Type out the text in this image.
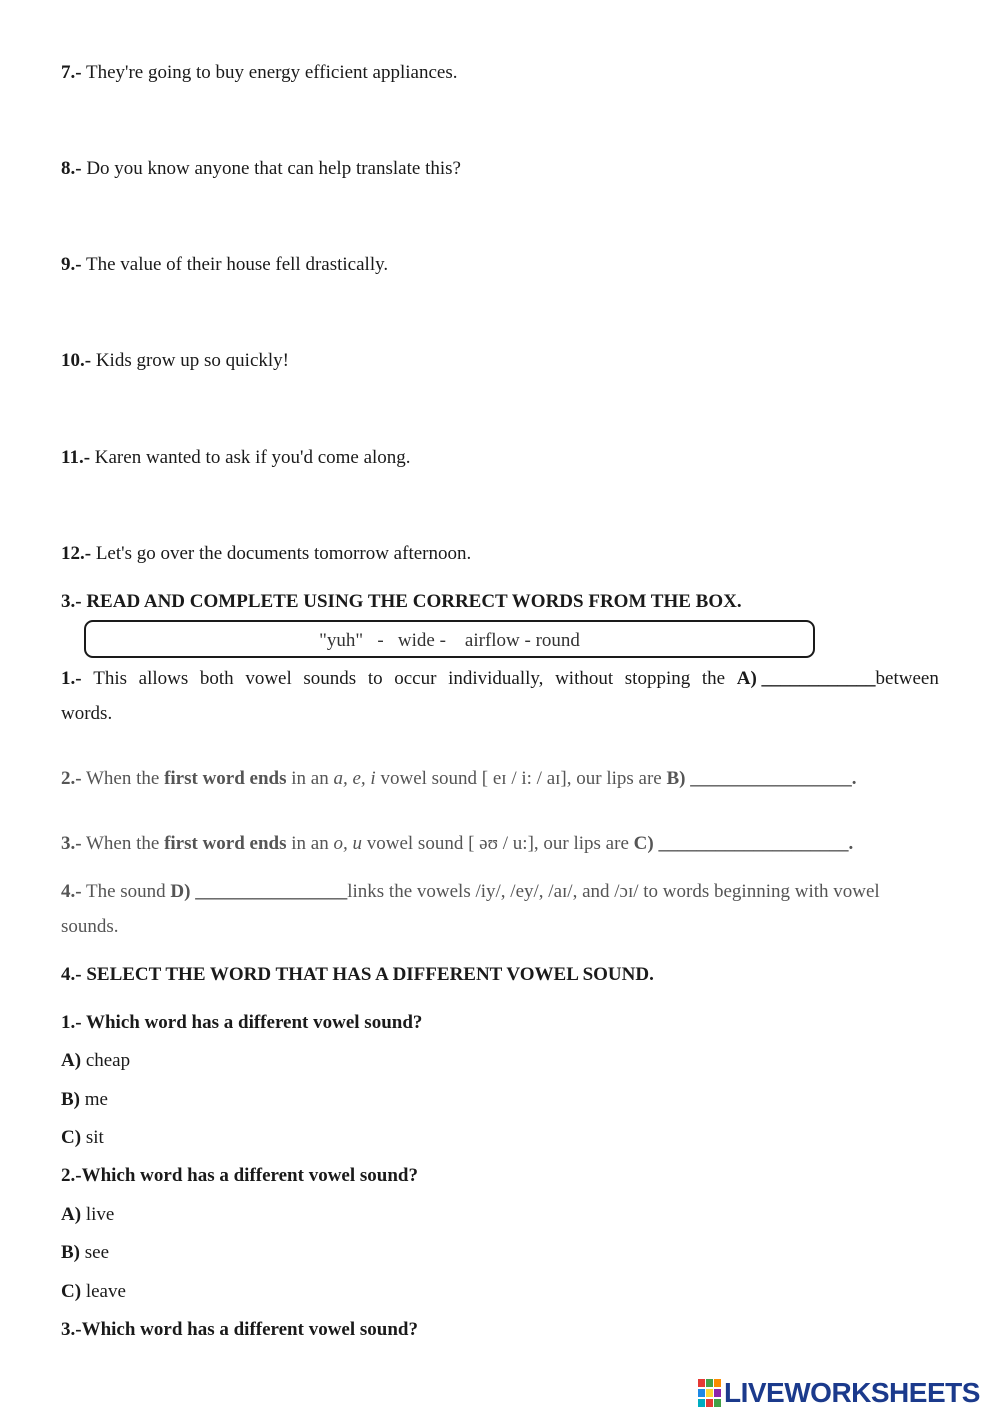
7.- They're going to buy energy efficient appliances.
8.- Do you know anyone that can help translate this?
9.- The value of their house fell drastically.
10.- Kids grow up so quickly!
11.- Karen wanted to ask if you'd come along.
12.- Let's go over the documents tomorrow afternoon.
3.- READ AND COMPLETE USING THE CORRECT WORDS FROM THE BOX.
"yuh"   -   wide -    airflow - round
1.- This allows both vowel sounds to occur individually, without stopping the A) ____________between
words.
2.- When the first word ends in an a, e, i vowel sound [ eɪ / i: / aɪ], our lips are B) _________________.
3.- When the first word ends in an o, u vowel sound [ əʊ / u:], our lips are C) ____________________.
4.- The sound D) ________________links the vowels /iy/, /ey/, /aɪ/, and /ɔɪ/ to words beginning with vowel
sounds.
4.- SELECT THE WORD THAT HAS A DIFFERENT VOWEL SOUND.
1.- Which word has a different vowel sound?
A) cheap
B) me
C) sit
2.-Which word has a different vowel sound?
A) live
B) see
C) leave
3.-Which word has a different vowel sound?
LIVEWORKSHEETS
